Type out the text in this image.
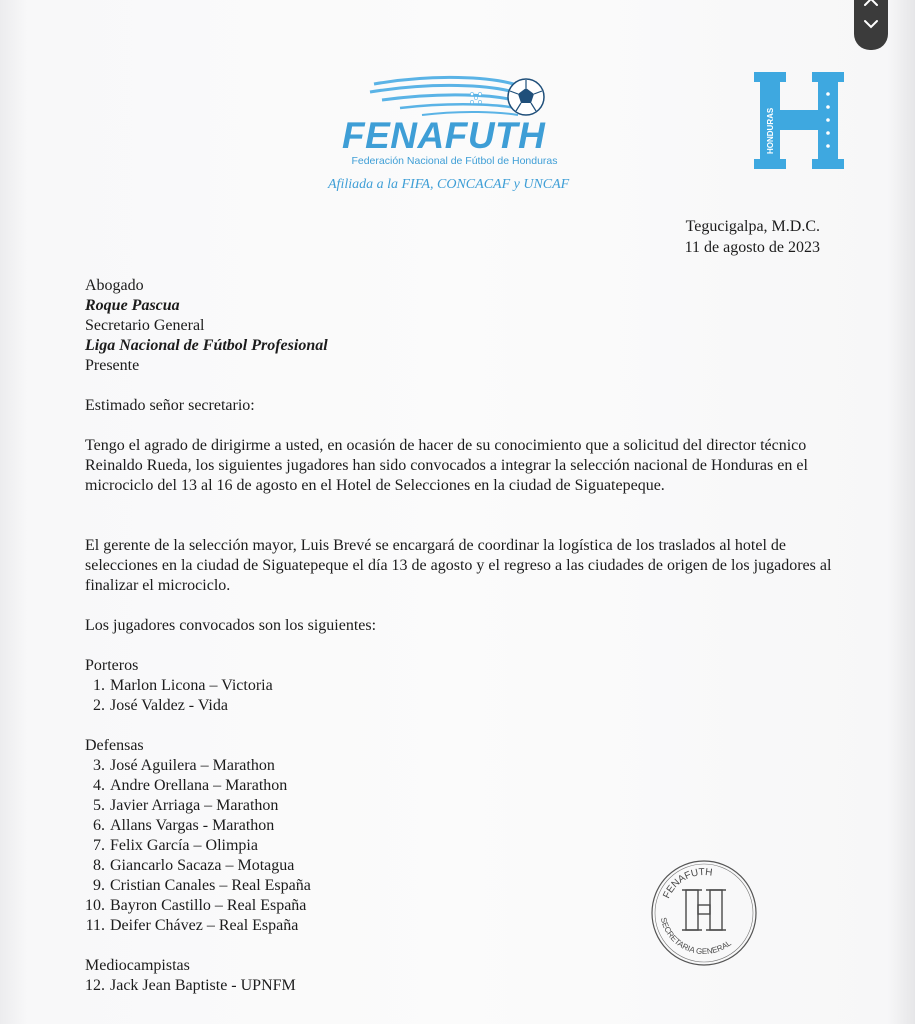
FENAFUTH
Federación Nacional de Fútbol de Honduras
Afiliada a la FIFA, CONCACAF y UNCAF
HONDURAS
Tegucigalpa, M.D.C.
11 de agosto de 2023
Abogado
Roque Pascua
Secretario General
Liga Nacional de Fútbol Profesional
Presente
Estimado señor secretario:
Tengo el agrado de dirigirme a usted, en ocasión de hacer de su conocimiento que a solicitud del director técnico Reinaldo Rueda, los siguientes jugadores han sido convocados a integrar la selección nacional de Honduras en el microciclo del 13 al 16 de agosto en el Hotel de Selecciones en la ciudad de Siguatepeque.
El gerente de la selección mayor, Luis Brevé se encargará de coordinar la logística de los traslados al hotel de selecciones en la ciudad de Siguatepeque el día 13 de agosto y el regreso a las ciudades de origen de los jugadores al finalizar el microciclo.
Los jugadores convocados son los siguientes:
Porteros
1. Marlon Licona – Victoria
2. José Valdez - Vida
Defensas
3. José Aguilera – Marathon
4. Andre Orellana – Marathon
5. Javier Arriaga – Marathon
6. Allans Vargas - Marathon
7. Felix García – Olimpia
8. Giancarlo Sacaza – Motagua
9. Cristian Canales – Real España
10. Bayron Castillo – Real España
11. Deifer Chávez – Real España
Mediocampistas
12. Jack Jean Baptiste - UPNFM
FENAFUTH
SECRETARIA GENERAL
